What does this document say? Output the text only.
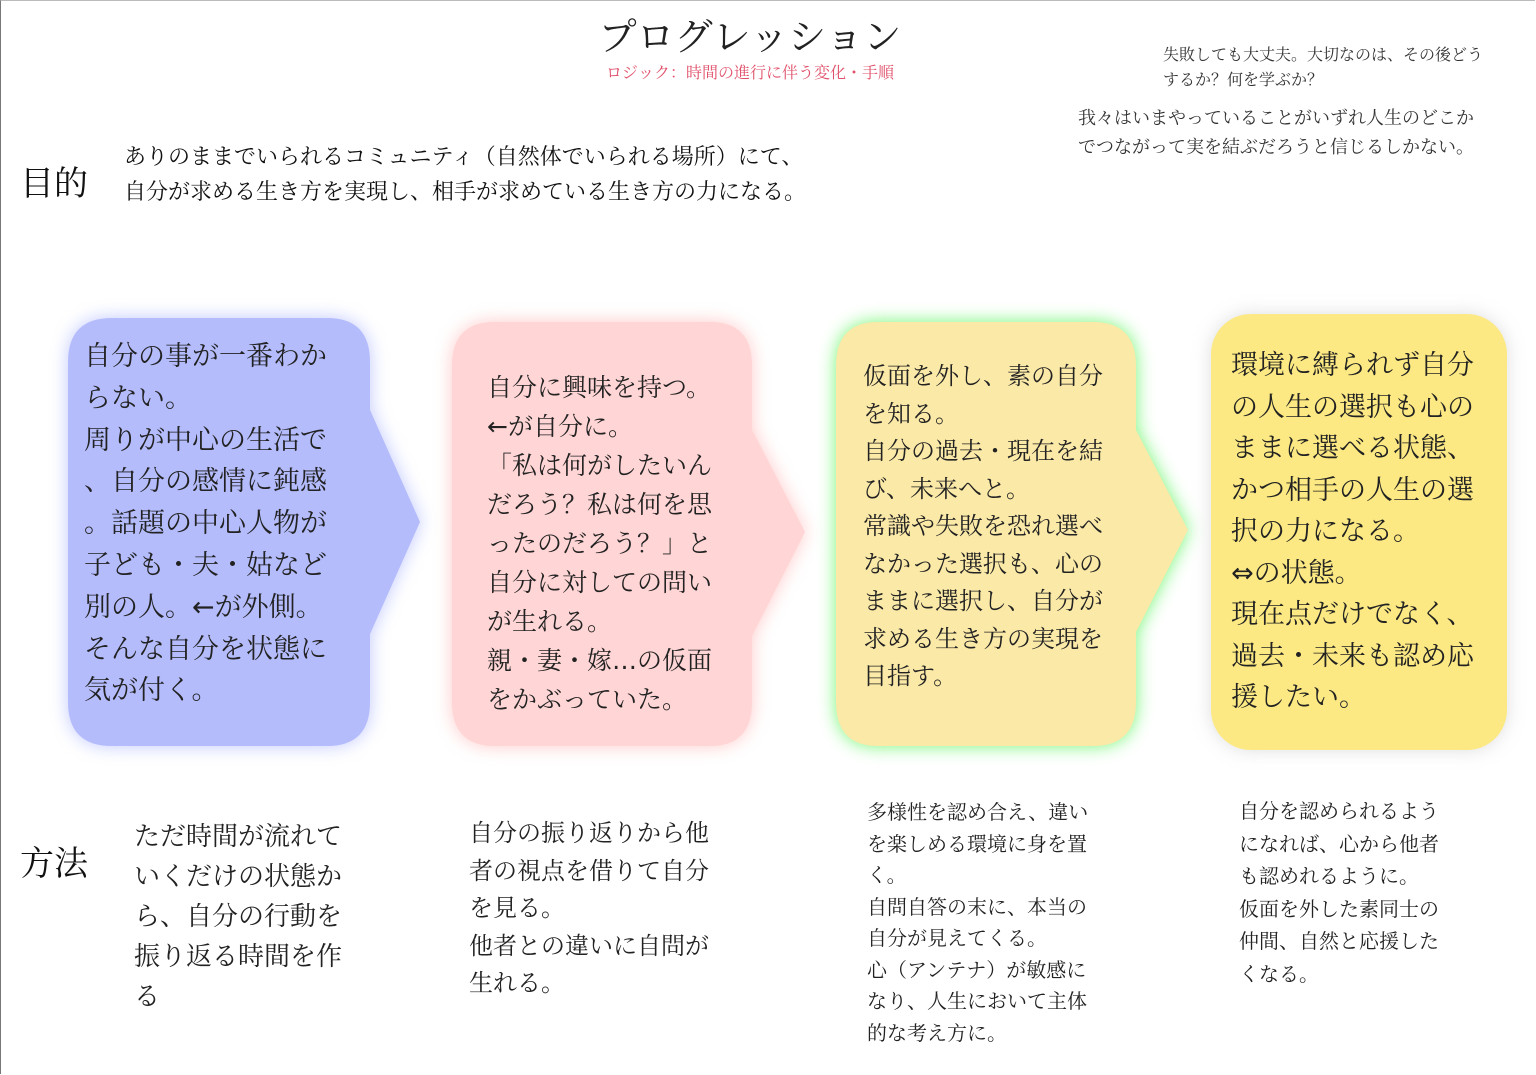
プログレッション
ロジック：時間の進行に伴う変化・手順
失敗しても大丈夫。大切なのは、その後どう
するか？何を学ぶか？
我々はいまやっていることがいずれ人生のどこか
でつながって実を結ぶだろうと信じるしかない。
目的
ありのままでいられるコミュニティ（自然体でいられる場所）にて、
自分が求める生き方を実現し、相手が求めている生き方の力になる。
自分の事が一番わか
らない。
周りが中心の生活で
、自分の感情に鈍感
。話題の中心人物が
子ども・夫・姑など
別の人。←が外側。
そんな自分を状態に
気が付く。
自分に興味を持つ。
←が自分に。
「私は何がしたいん
だろう？私は何を思
ったのだろう？」と
自分に対しての問い
が生れる。
親・妻・嫁…の仮面
をかぶっていた。
仮面を外し、素の自分
を知る。
自分の過去・現在を結
び、未来へと。
常識や失敗を恐れ選べ
なかった選択も、心の
ままに選択し、自分が
求める生き方の実現を
目指す。
環境に縛られず自分
の人生の選択も心の
ままに選べる状態、
かつ相手の人生の選
択の力になる。
⇔の状態。
現在点だけでなく、
過去・未来も認め応
援したい。
方法
ただ時間が流れて
いくだけの状態か
ら、自分の行動を
振り返る時間を作
る
自分の振り返りから他
者の視点を借りて自分
を見る。
他者との違いに自問が
生れる。
多様性を認め合え、違い
を楽しめる環境に身を置
く。
自問自答の末に、本当の
自分が見えてくる。
心（アンテナ）が敏感に
なり、人生において主体
的な考え方に。
自分を認められるよう
になれば、心から他者
も認めれるように。
仮面を外した素同士の
仲間、自然と応援した
くなる。
